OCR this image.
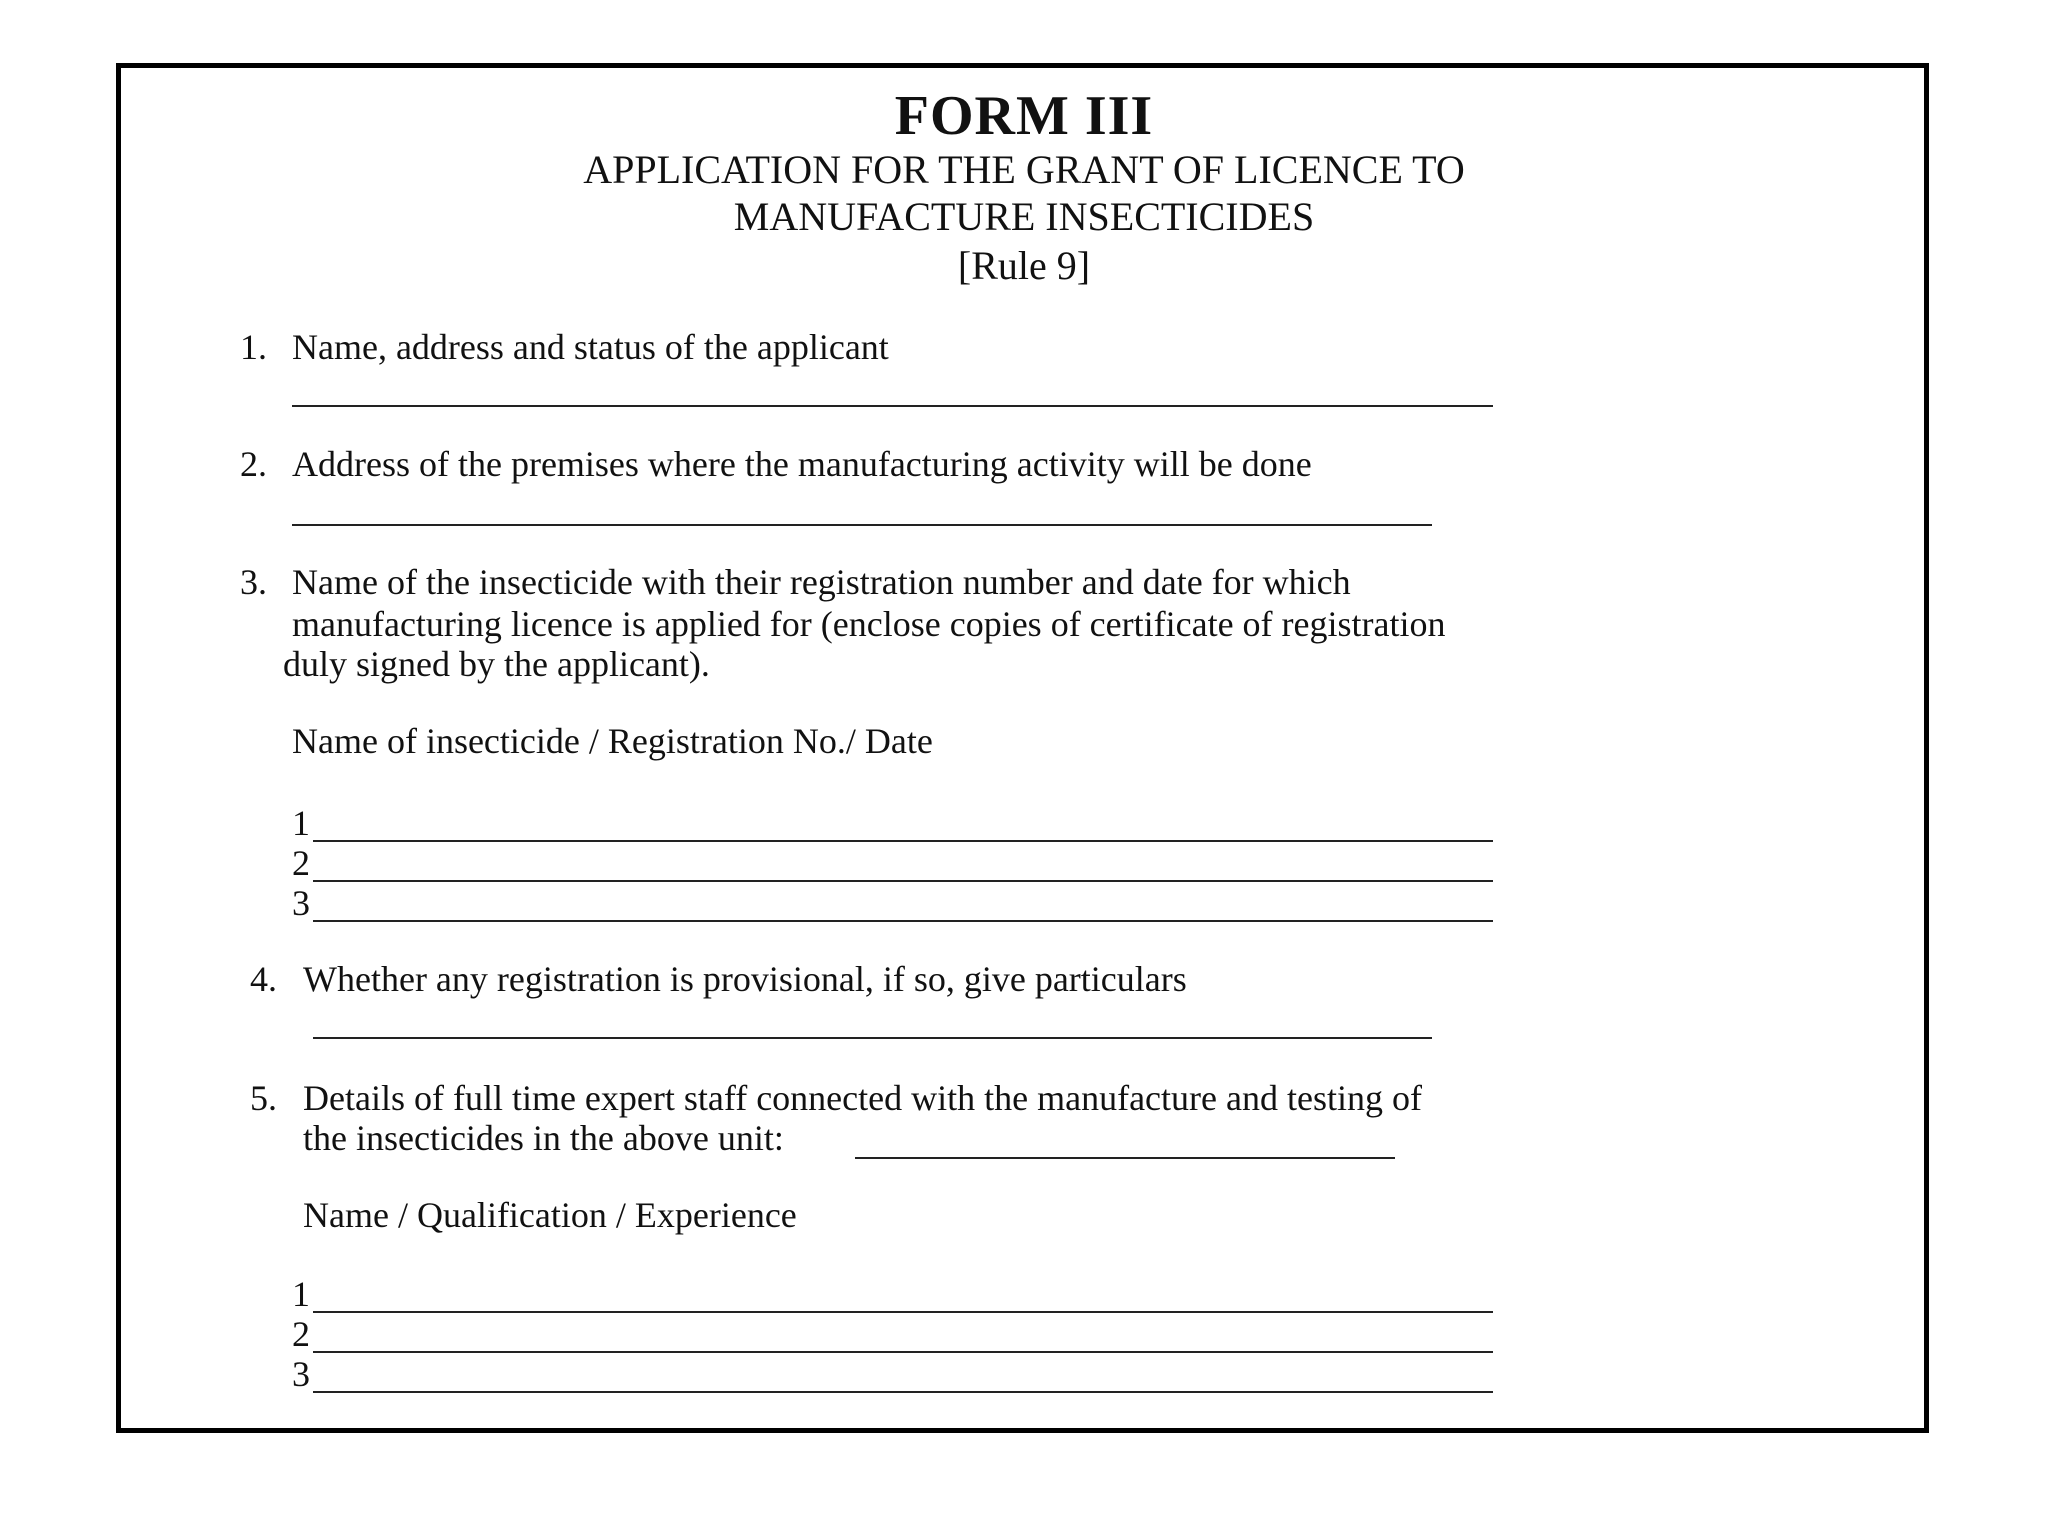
FORM III
APPLICATION FOR THE GRANT OF LICENCE TO
MANUFACTURE INSECTICIDES
[Rule 9]
1. Name, address and status of the applicant
2. Address of the premises where the manufacturing activity will be done
3. Name of the insecticide with their registration number and date for which
manufacturing licence is applied for (enclose copies of certificate of registration
duly signed by the applicant).
Name of insecticide / Registration No./ Date
1
2
3
4. Whether any registration is provisional, if so, give particulars
5. Details of full time expert staff connected with the manufacture and testing of
the insecticides in the above unit:
Name / Qualification / Experience
1
2
3
